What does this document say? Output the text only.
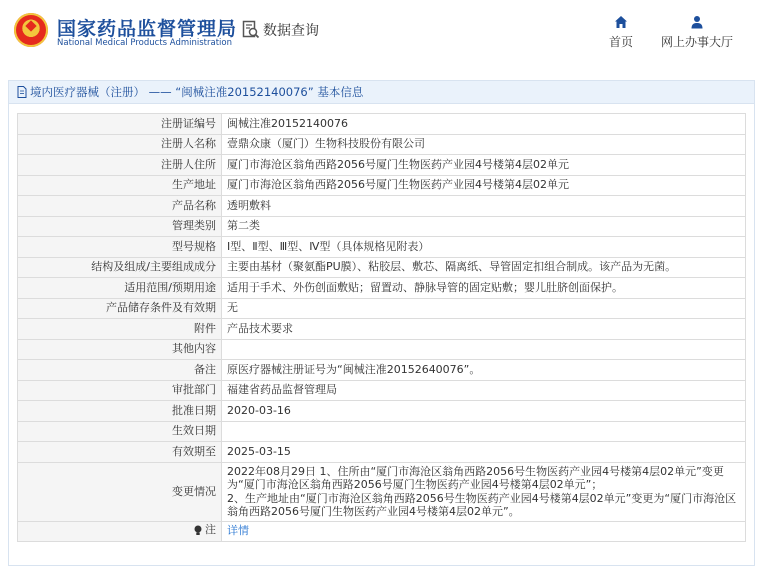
国家药品监督管理局
National Medical Products Administration
数据查询
首页	网上办事大厅
境内医疗器械（注册） —— “闽械注准20152140076” 基本信息
注册证编号	闽械注准20152140076
注册人名称	壹鼎众康（厦门）生物科技股份有限公司
注册人住所	厦门市海沧区翁角西路2056号厦门生物医药产业园4号楼第4层02单元
生产地址	厦门市海沧区翁角西路2056号厦门生物医药产业园4号楼第4层02单元
产品名称	透明敷料
管理类别	第二类
型号规格	Ⅰ型、Ⅱ型、Ⅲ型、Ⅳ型（具体规格见附表）
结构及组成/主要组成成分	主要由基材（聚氨酯PU膜）、粘胶层、敷芯、隔离纸、导管固定扣组合制成。该产品为无菌。
适用范围/预期用途	适用于手术、外伤创面敷贴；留置动、静脉导管的固定贴敷；婴儿肚脐创面保护。
产品储存条件及有效期	无
附件	产品技术要求
其他内容	
备注	原医疗器械注册证号为“闽械注准20152640076”。
审批部门	福建省药品监督管理局
批准日期	2020-03-16
生效日期	
有效期至	2025-03-15
变更情况	2022年08月29日 1、住所由“厦门市海沧区翁角西路2056号生物医药产业园4号楼第4层02单元”变更为“厦门市海沧区翁角西路2056号厦门生物医药产业园4号楼第4层02单元”；
2、生产地址由“厦门市海沧区翁角西路2056号生物医药产业园4号楼第4层02单元”变更为“厦门市海沧区翁角西路2056号厦门生物医药产业园4号楼第4层02单元”。

注	详情
